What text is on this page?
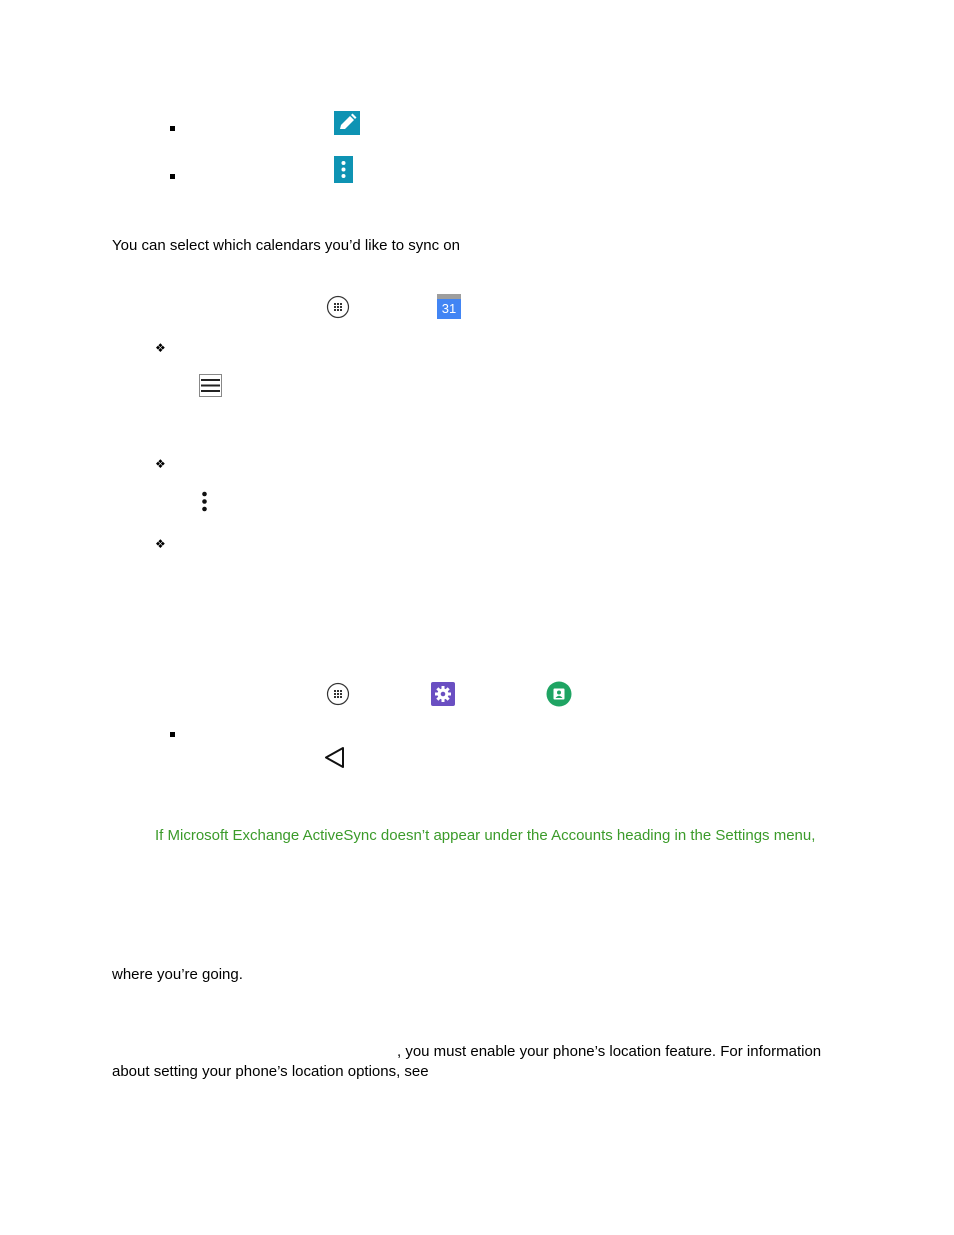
You can select which calendars you’d like to sync on
31
❖
❖
❖
If Microsoft Exchange ActiveSync doesn’t appear under the Accounts heading in the Settings menu,
where you’re going.
, you must enable your phone’s location feature. For information
about setting your phone’s location options, see
